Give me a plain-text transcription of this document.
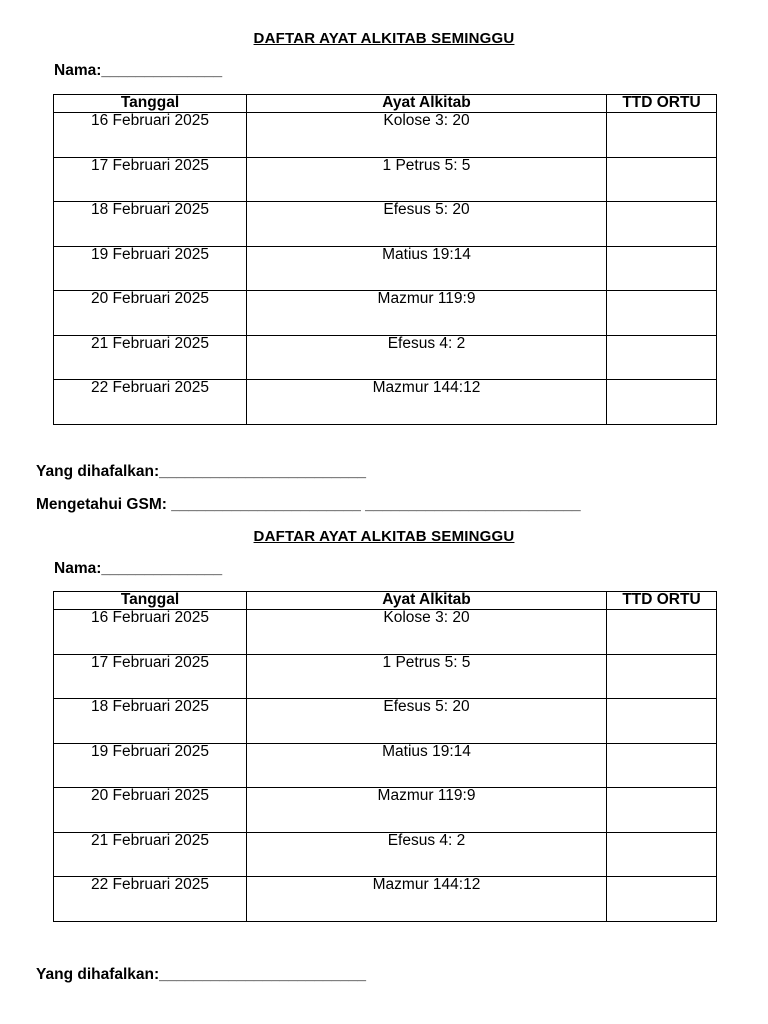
DAFTAR AYAT ALKITAB SEMINGGU
Nama:______________
Tanggal	Ayat Alkitab	TTD ORTU
16 Februari 2025	Kolose 3: 20	
17 Februari 2025	1 Petrus 5: 5	
18 Februari 2025	Efesus 5: 20	
19 Februari 2025	Matius 19:14	
20 Februari 2025	Mazmur 119:9	
21 Februari 2025	Efesus 4: 2	
22 Februari 2025	Mazmur 144:12	
Yang dihafalkan:________________________
Mengetahui GSM: ______________________ _________________________
DAFTAR AYAT ALKITAB SEMINGGU
Nama:______________
Tanggal	Ayat Alkitab	TTD ORTU
16 Februari 2025	Kolose 3: 20	
17 Februari 2025	1 Petrus 5: 5	
18 Februari 2025	Efesus 5: 20	
19 Februari 2025	Matius 19:14	
20 Februari 2025	Mazmur 119:9	
21 Februari 2025	Efesus 4: 2	
22 Februari 2025	Mazmur 144:12	
Yang dihafalkan:________________________
